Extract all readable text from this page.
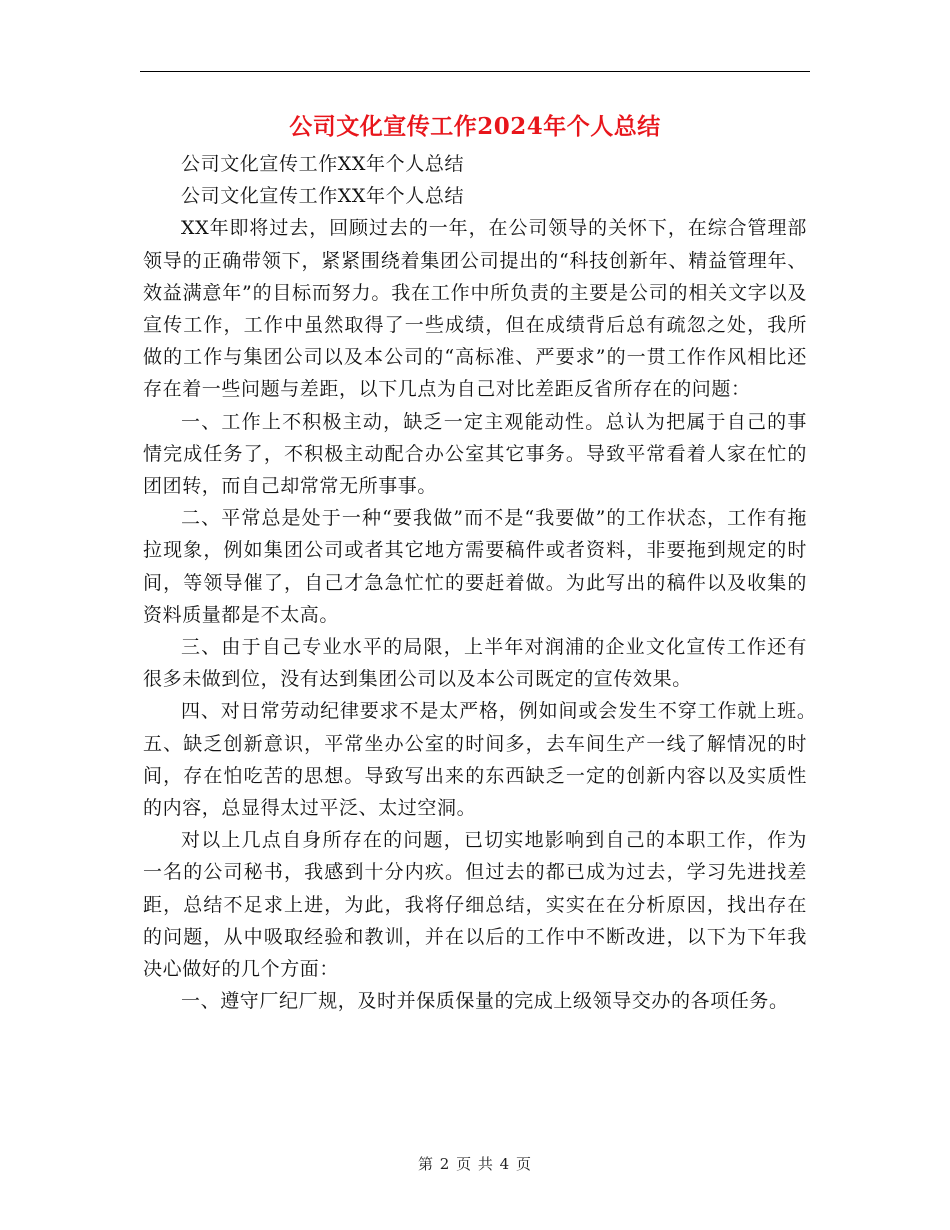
公司文化宣传工作2024年个人总结

公司文化宣传工作XX年个人总结

公司文化宣传工作XX年个人总结

XX年即将过去，回顾过去的一年，在公司领导的关怀下，在综合管理部领导的正确带领下，紧紧围绕着集团公司提出的“科技创新年、精益管理年、效益满意年”的目标而努力。我在工作中所负责的主要是公司的相关文字以及宣传工作，工作中虽然取得了一些成绩，但在成绩背后总有疏忽之处，我所做的工作与集团公司以及本公司的“高标准、严要求”的一贯工作作风相比还存在着一些问题与差距，以下几点为自己对比差距反省所存在的问题：

一、工作上不积极主动，缺乏一定主观能动性。总认为把属于自己的事情完成任务了，不积极主动配合办公室其它事务。导致平常看着人家在忙的团团转，而自己却常常无所事事。

二、平常总是处于一种“要我做”而不是“我要做”的工作状态，工作有拖拉现象，例如集团公司或者其它地方需要稿件或者资料，非要拖到规定的时间，等领导催了，自己才急急忙忙的要赶着做。为此写出的稿件以及收集的资料质量都是不太高。

三、由于自己专业水平的局限，上半年对润浦的企业文化宣传工作还有很多未做到位，没有达到集团公司以及本公司既定的宣传效果。

四、对日常劳动纪律要求不是太严格，例如间或会发生不穿工作就上班。　　五、缺乏创新意识，平常坐办公室的时间多，去车间生产一线了解情况的时间，存在怕吃苦的思想。导致写出来的东西缺乏一定的创新内容以及实质性的内容，总显得太过平泛、太过空洞。

对以上几点自身所存在的问题，已切实地影响到自己的本职工作，作为一名的公司秘书，我感到十分内疚。但过去的都已成为过去，学习先进找差距，总结不足求上进，为此，我将仔细总结，实实在在分析原因，找出存在的问题，从中吸取经验和教训，并在以后的工作中不断改进，以下为下年我决心做好的几个方面：

一、遵守厂纪厂规，及时并保质保量的完成上级领导交办的各项任务。

第 2 页 共 4 页
